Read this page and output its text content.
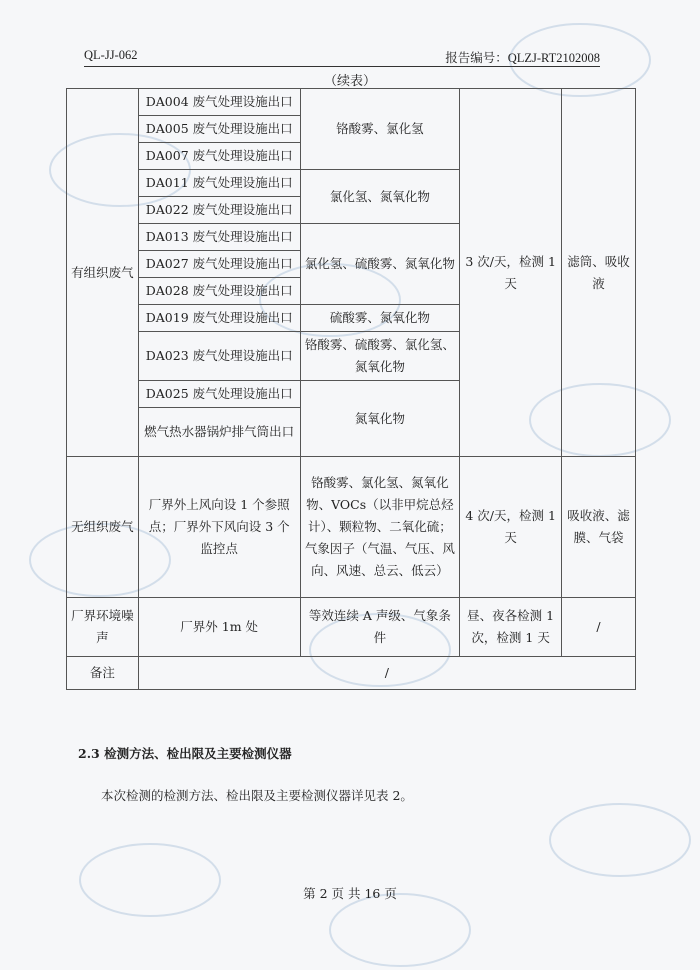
QL-JJ-062	报告编号：QLZJ-RT2102008
（续表）
有组织废气	DA004 废气处理设施出口	铬酸雾、氯化氢	3 次/天，检测 1 天	滤筒、吸收液
	DA005 废气处理设施出口			
	DA007 废气处理设施出口			
	DA011 废气处理设施出口	氯化氢、氮氧化物		
	DA022 废气处理设施出口			
	DA013 废气处理设施出口	氯化氢、硫酸雾、氮氧化物		
	DA027 废气处理设施出口			
	DA028 废气处理设施出口			
	DA019 废气处理设施出口	硫酸雾、氮氧化物		
	DA023 废气处理设施出口	铬酸雾、硫酸雾、氯化氢、氮氧化物		
	DA025 废气处理设施出口	氮氧化物		
	燃气热水器锅炉排气筒出口			
无组织废气	厂界外上风向设 1 个参照点；厂界外下风向设 3 个监控点	铬酸雾、氯化氢、氮氧化物、VOCs（以非甲烷总烃计）、颗粒物、二氧化硫；气象因子（气温、气压、风向、风速、总云、低云）	4 次/天，检测 1 天	吸收液、滤膜、气袋
厂界环境噪声	厂界外 1m 处	等效连续 A 声级、气象条件	昼、夜各检测 1 次，检测 1 天	/
备注	/			
2.3 检测方法、检出限及主要检测仪器
本次检测的检测方法、检出限及主要检测仪器详见表 2。
第 2 页 共 16 页
